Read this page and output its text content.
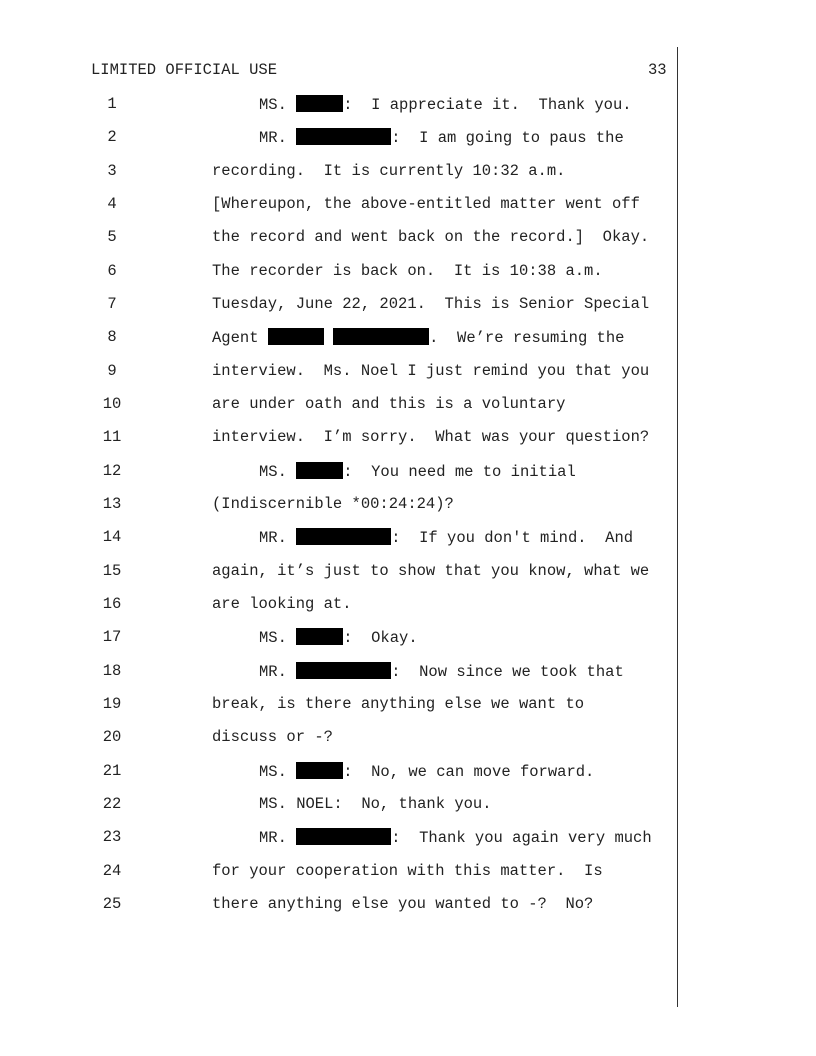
LIMITED OFFICIAL USE	33
1	MS.	:  I appreciate it.  Thank you.
2	MR.	:  I am going to paus the
3	recording.  It is currently 10:32 a.m.
4	[Whereupon, the above-entitled matter went off
5	the record and went back on the record.]  Okay.
6	The recorder is back on.  It is 10:38 a.m.
7	Tuesday, June 22, 2021.  This is Senior Special
8	Agent	.  We’re resuming the
9	interview.  Ms. Noel I just remind you that you
10	are under oath and this is a voluntary
11	interview.  I’m sorry.  What was your question?
12	MS.	:  You need me to initial
13	(Indiscernible *00:24:24)?
14	MR.	:  If you don't mind.  And
15	again, it’s just to show that you know, what we
16	are looking at.
17	MS.	:  Okay.
18	MR.	:  Now since we took that
19	break, is there anything else we want to
20	discuss or -?
21	MS.	:  No, we can move forward.
22	MS. NOEL:  No, thank you.
23	MR.	:  Thank you again very much
24	for your cooperation with this matter.  Is
25	there anything else you wanted to -?  No?
